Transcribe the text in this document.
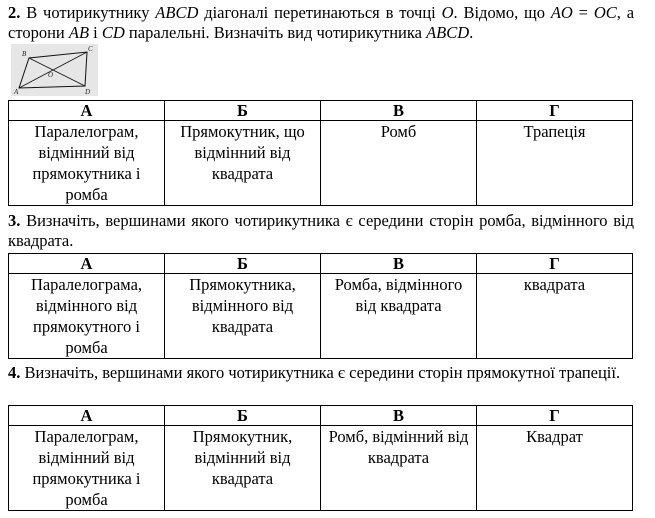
2. В чотирикутнику ABCD діагоналі перетинаються в точці O. Відомо, що AO = OC, а сторони AB і CD паралельні. Визначіть вид чотирикутника ABCD.
B
C
A	D
O
А	Б	В	Г
Паралелограм, відмінний від прямокутника і ромба	Прямокутник, що відмінний від квадрата	Ромб	Трапеція
3. Визначіть, вершинами якого чотирикутника є середини сторін ромба, відмінного від квадрата.
А	Б	В	Г
Паралелограма, відмінного від прямокутного і ромба	Прямокутника, відмінного від квадрата	Ромба, відмінного від квадрата	квадрата
4. Визначіть, вершинами якого чотирикутника є середини сторін прямокутної трапеції.
А	Б	В	Г
Паралелограм, відмінний від прямокутника і ромба	Прямокутник, відмінний від квадрата	Ромб, відмінний від квадрата	Квадрат
